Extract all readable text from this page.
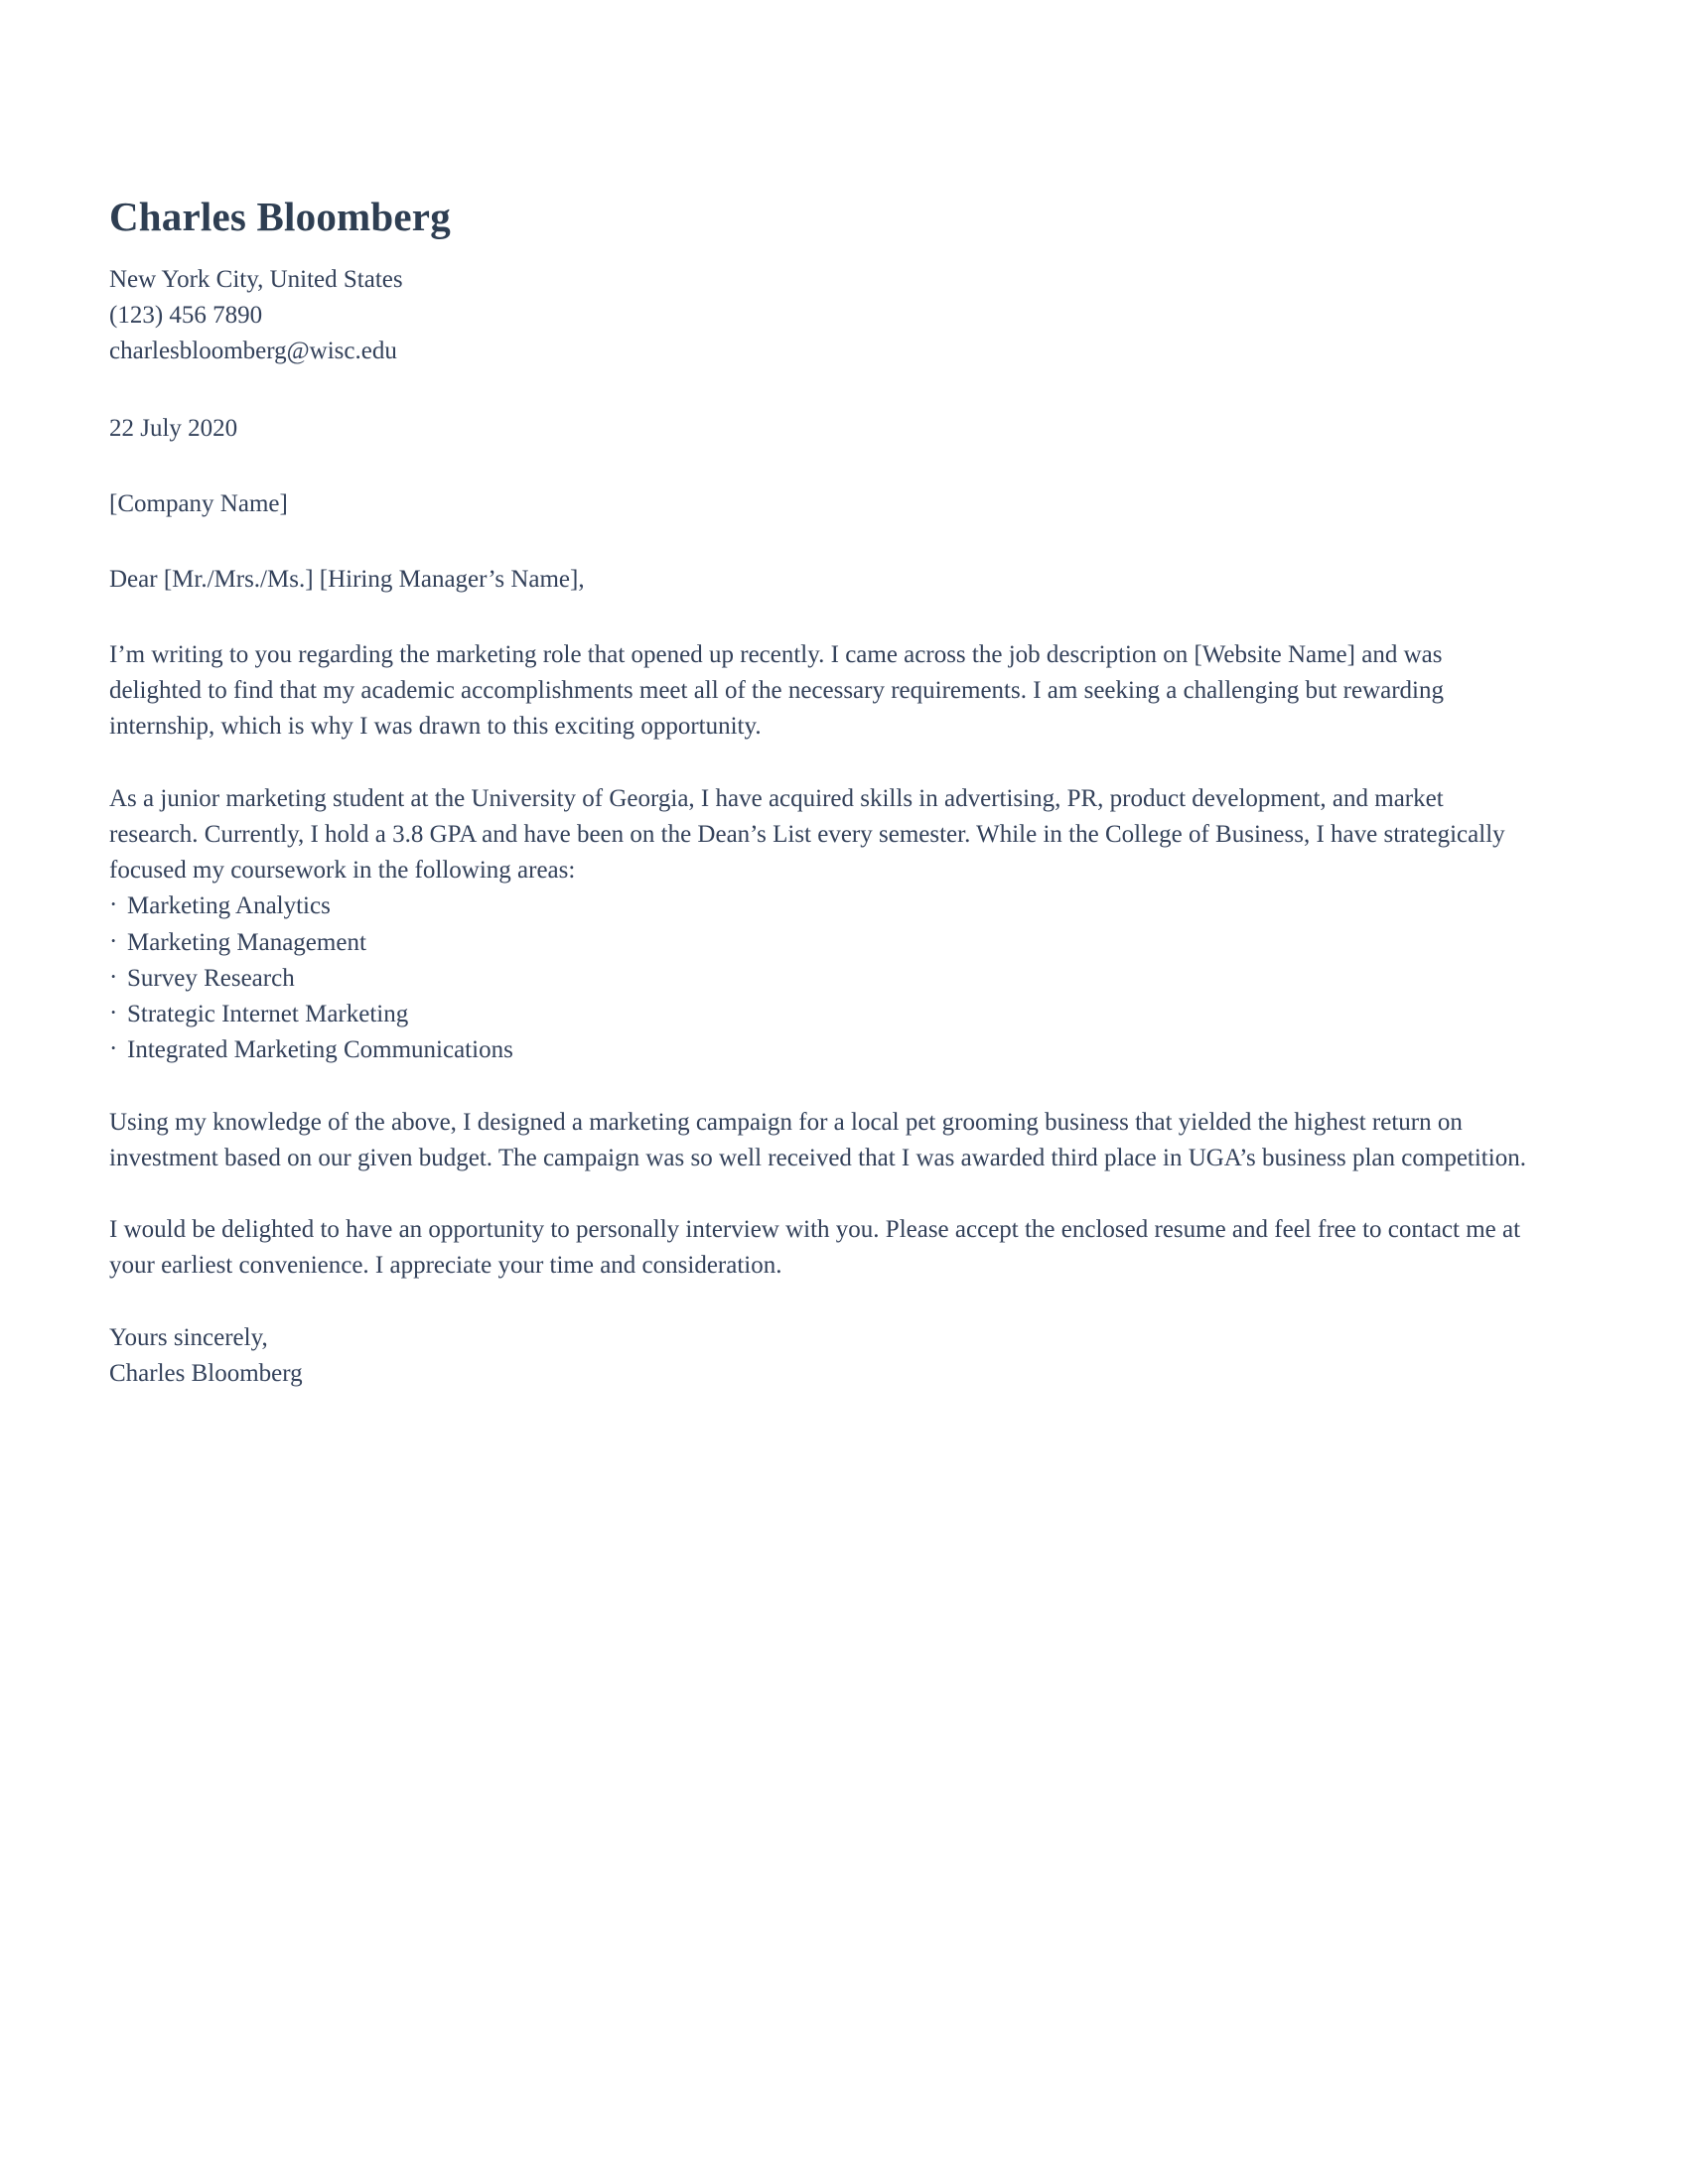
Charles Bloomberg

New York City, United States

(123) 456 7890

charlesbloomberg@wisc.edu

22 July 2020

[Company Name]

Dear [Mr./Mrs./Ms.] [Hiring Manager’s Name],

I’m writing to you regarding the marketing role that opened up recently. I came across the job description on [Website Name] and was delighted to find that my academic accomplishments meet all of the necessary requirements. I am seeking a challenging but rewarding internship, which is why I was drawn to this exciting opportunity.

As a junior marketing student at the University of Georgia, I have acquired skills in advertising, PR, product development, and market research. Currently, I hold a 3.8 GPA and have been on the Dean’s List every semester. While in the College of Business, I have strategically focused my coursework in the following areas:

· Marketing Analytics
· Marketing Management
· Survey Research
· Strategic Internet Marketing
· Integrated Marketing Communications

Using my knowledge of the above, I designed a marketing campaign for a local pet grooming business that yielded the highest return on investment based on our given budget. The campaign was so well received that I was awarded third place in UGA’s business plan competition.

I would be delighted to have an opportunity to personally interview with you. Please accept the enclosed resume and feel free to contact me at your earliest convenience. I appreciate your time and consideration.

Yours sincerely,

Charles Bloomberg
